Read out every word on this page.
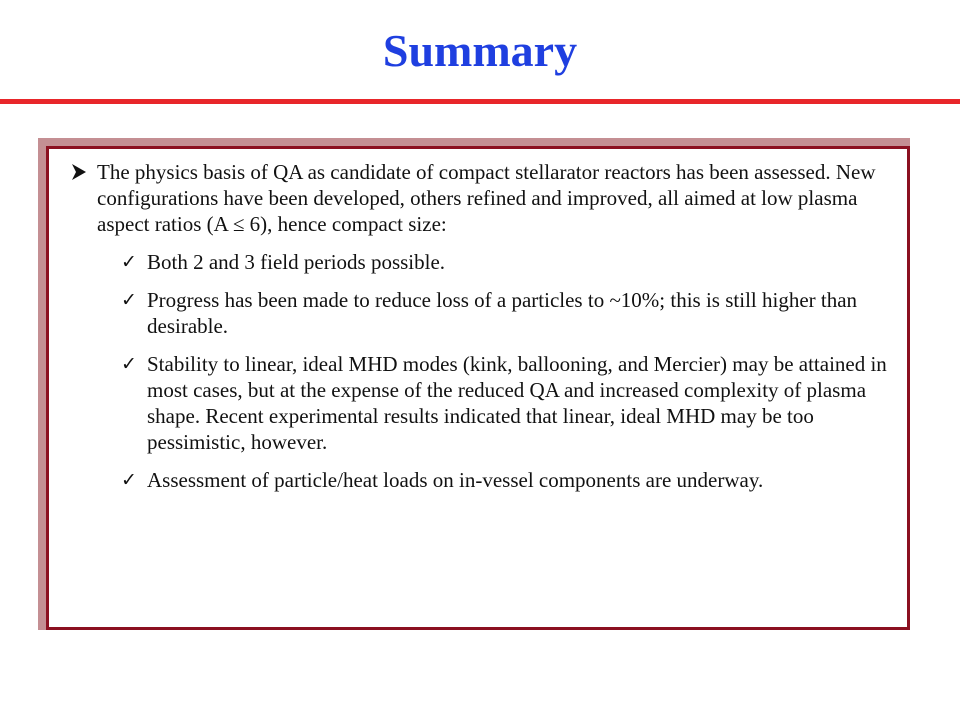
Summary

The physics basis of QA as candidate of compact stellarator reactors has been assessed. New configurations have been developed, others refined and improved, all aimed at low plasma aspect ratios (A ≤ 6), hence compact size:

✓ Both 2 and 3 field periods possible.
✓ Progress has been made to reduce loss of a particles to ~10%; this is still higher than desirable.
✓ Stability to linear, ideal MHD modes (kink, ballooning, and Mercier) may be attained in most cases, but at the expense of the reduced QA and increased complexity of plasma shape. Recent experimental results indicated that linear, ideal MHD may be too pessimistic, however.
✓ Assessment of particle/heat loads on in-vessel components are underway.
